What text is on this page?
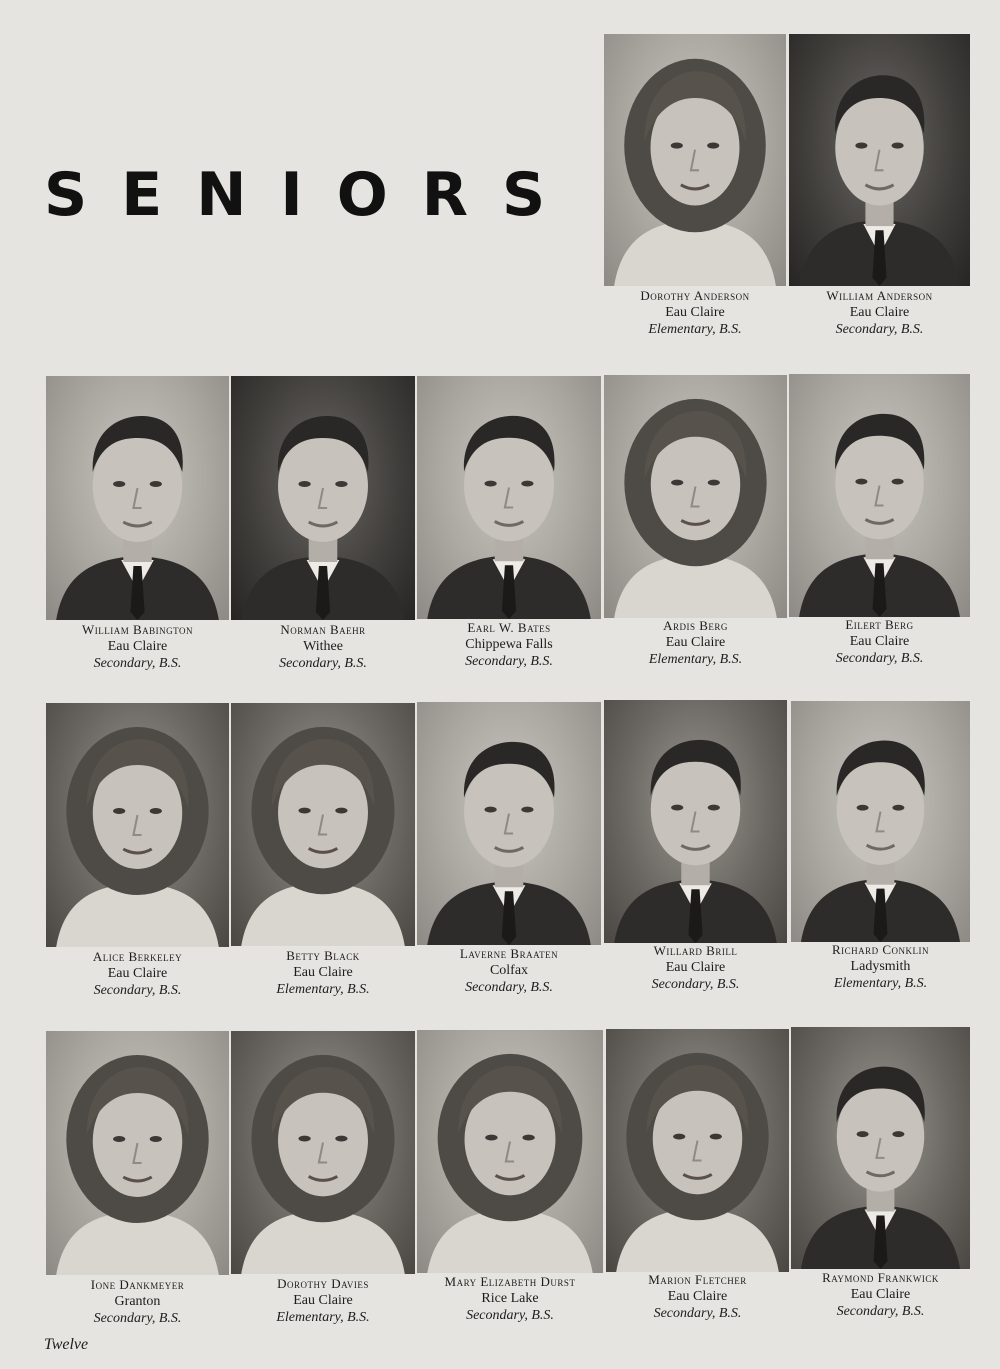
SENIORS
Dorothy Anderson
Eau Claire
Elementary, B.S.
William Anderson
Eau Claire
Secondary, B.S.
William Babington
Eau Claire
Secondary, B.S.
Norman Baehr
Withee
Secondary, B.S.
Earl W. Bates
Chippewa Falls
Secondary, B.S.
Ardis Berg
Eau Claire
Elementary, B.S.
Eilert Berg
Eau Claire
Secondary, B.S.
Alice Berkeley
Eau Claire
Secondary, B.S.
Betty Black
Eau Claire
Elementary, B.S.
Laverne Braaten
Colfax
Secondary, B.S.
Willard Brill
Eau Claire
Secondary, B.S.
Richard Conklin
Ladysmith
Elementary, B.S.
Ione Dankmeyer
Granton
Secondary, B.S.
Dorothy Davies
Eau Claire
Elementary, B.S.
Mary Elizabeth Durst
Rice Lake
Secondary, B.S.
Marion Fletcher
Eau Claire
Secondary, B.S.
Raymond Frankwick
Eau Claire
Secondary, B.S.
Twelve
